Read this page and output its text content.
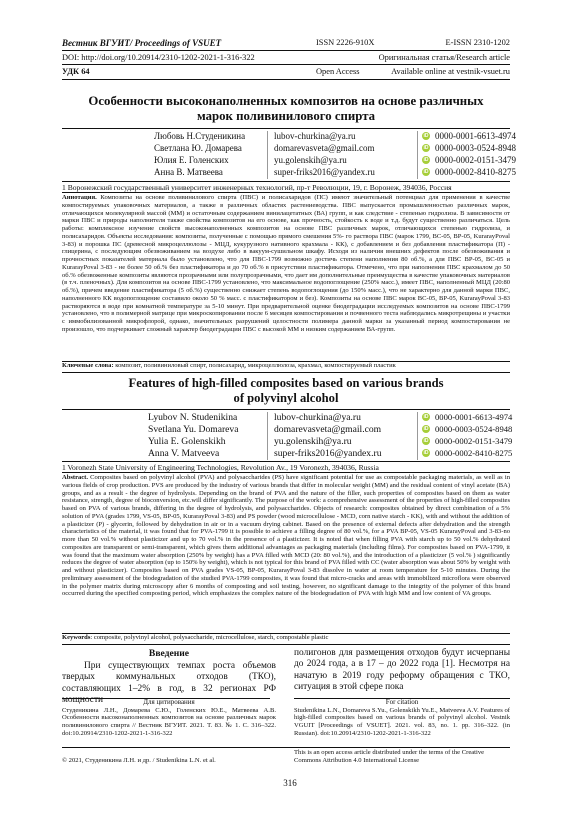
Вестник ВГУИТ/ Proceedings of VSUET	ISSN 2226-910X	E-ISSN 2310-1202
DOI: http://doi.org/10.20914/2310-1202-2021-1-316-322	Оригинальная статья/Research article
УДК 64	Open Access	Available online at vestnik-vsuet.ru
Особенности высоконаполненных композитов на основе различных
марок поливинилового спирта
Любовь Н.Студеникина	lubov-churkina@ya.ru	iD 0000-0001-6613-4974
Светлана Ю. Домарева	domarevasveta@gmail.com	iD 0000-0003-0524-8948
Юлия Е. Голенских	yu.golenskih@ya.ru	iD 0000-0002-0151-3479
Анна В. Матвеева	super-friks2016@yandex.ru	iD 0000-0002-8410-8275
1 Воронежский государственный университет инженерных технологий, пр-т Революции, 19, г. Воронеж, 394036, Россия
Аннотация. Композиты на основе поливинилового спирта (ПВС) и полисахаридов (ПС) имеют значительный потенциал для применения в качестве компостируемых упаковочных материалов, а также в различных областях растениеводства. ПВС выпускается промышленностью различных марок, отличающихся молекулярной массой (ММ) и остаточным содержанием винилацетатных (ВА) групп, и как следствие - степенью гидролиза. В зависимости от марки ПВС и природы наполнителя также свойства композитов на его основе, как прочность, стойкость к воде и т.д. будут существенно различаться. Цель работы: комплексное изучение свойств высоконаполненных композитов на основе ПВС различных марок, отличающихся степенью гидролиза, и полисахаридов. Объекты исследования: композиты, полученные с помощью прямого смешения 5%- го раствора ПВС (марок 1799, ВС-05, ВР-05, KurarayPoval 3-83) и порошка ПС (древесной микроцеллюлозы - МЦД, кукурузного нативного крахмала - КК), с добавлением и без добавления пластификатора (П) - глицерина, с последующим обезвоживанием на воздухе либо в вакуум-сушильном шкафу. Исходя из наличия внешних дефектов после обезвоживания и прочностных показателей материала было установлено, что для ПВС-1799 возможно достичь степени наполнения 80 об.%, а для ПВС ВР-05, ВС-05 и KurarayPoval 3-83 - не более 50 об.% без пластификатора и до 70 об.% в присутствии пластификатора. Отмечено, что при наполнении ПВС крахмалом до 50 об.% обезвоженные композиты являются прозрачными или полупрозрачными, что дает им дополнительные преимущества в качестве упаковочных материалов (в т.ч. пленочных). Для композитов на основе ПВС-1799 установлено, что максимальное водопоглощение (250% масс.), имеет ПВС, наполненный МЦД (20:80 об.%), причем введение пластификатора (5 об.%) существенно снижает степень водопоглощения (до 150% масс.), что не характерно для данной марки ПВС, наполненного КК водопоглощение составило около 50 % масс. с пластификатором и без). Композиты на основе ПВС марок ВС-05, ВР-05, KurarayPoval 3-83 растворяются в воде при комнатной температуре за 5-10 минут. При предварительной оценке биодеградации исследуемых композитов на основе ПВС-1799 установлено, что в полимерной матрице при микроскопировании после 6 месяцев компостирования и почвенного теста наблюдались микротрещины и участки с иммобилизованной микрофлорой, однако, значительных разрушений целостности полимера данной марки за указанный период компостирования не произошло, что подчеркивает сложный характер биодеградации ПВС с высокой ММ и низким содержанием ВА-групп.
Ключевые слова: композит, поливиниловый спирт, полисахарид, микроцеллюлоза, крахмал, компостируемый пластик
Features of high-filled composites based on various brands
of polyvinyl alcohol
Lyubov N. Studenikina	lubov-churkina@ya.ru	iD 0000-0001-6613-4974
Svetlana Yu. Domareva	domarevasveta@gmail.com	iD 0000-0003-0524-8948
Yulia E. Golenskikh	yu.golenskih@ya.ru	iD 0000-0002-0151-3479
Anna V. Matveeva	super-friks2016@yandex.ru	iD 0000-0002-8410-8275
1 Voronezh State University of Engineering Technologies, Revolution Av., 19 Voronezh, 394036, Russia
Abstract. Composites based on polyvinyl alcohol (PVA) and polysaccharides (PS) have significant potential for use as compostable packaging materials, as well as in various fields of crop production. PVS are produced by the industry of various brands that differ in molecular weight (MM) and the residual content of vinyl acetate (BA) groups, and as a result - the degree of hydrolysis. Depending on the brand of PVA and the nature of the filler, such properties of composites based on them as water resistance, strength, degree of bioconversion, etc.will differ significantly. The purpose of the work: a comprehensive assessment of the properties of high-filled composites based on PVA of various brands, differing in the degree of hydrolysis, and polysaccharides. Objects of research: composites obtained by direct combination of a 5% solution of PVA (grades 1799, VS-05, BP-05, KurarayPoval 3-83) and PS powder (wood microcellulose - MCD, corn native starch - KK), with and without the addition of a plasticizer (P) - glycerin, followed by dehydration in air or in a vacuum drying cabinet. Based on the presence of external defects after dehydration and the strength characteristics of the material, it was found that for PVA-1799 it is possible to achieve a filling degree of 80 vol.%, for a PVA BP-05, VS-05 KurarayPoval and 3-83-no more than 50 vol.% without plasticizer and up to 70 vol.% in the presence of a plasticizer. It is noted that when filling PVA with starch up to 50 vol.% dehydrated composites are transparent or semi-transparent, which gives them additional advantages as packaging materials (including films). For composites based on PVA-1799, it was found that the maximum water absorption (250% by weight) has a PVA filled with MCD (20: 80 vol.%), and the introduction of a plasticizer (5 vol.% ) significantly reduces the degree of water absorption (up to 150% by weight), which is not typical for this brand of PVA filled with CC (water absorption was about 50% by weight with and without plasticizer). Composites based on PVA grades VS-05, BP-05, KurarayPoval 3-83 dissolve in water at room temperature for 5-10 minutes. During the preliminary assessment of the biodegradation of the studied PVA-1799 composites, it was found that micro-cracks and areas with immobilized microflora were observed in the polymer matrix during microscopy after 6 months of composting and soil testing, however, no significant damage to the integrity of the polymer of this brand occurred during the specified composting period, which emphasizes the complex nature of the biodegradation of PVA with high MM and low content of VA groups.
Keywords: composite, polyvinyl alcohol, polysaccharide, microcellulose, starch, compostable plastic
Введение
При существующих темпах роста объемов твердых коммунальных отходов (ТКО), составляющих 1–2% в год, в 32 регионах РФ мощности
полигонов для размещения отходов будут исчерпаны до 2024 года, а в 17 – до 2022 года [1]. Несмотря на начатую в 2019 году реформу обращения с ТКО, ситуация в этой сфере пока
Для цитирования
Студеникина Л.Н., Домарева С.Ю., Голенских Ю.Е., Матвеева А.В. Особенности высоконаполненных композитов на основе различных марок поливинилового спирта // Вестник ВГУИТ. 2021. Т. 83. № 1. С. 316–322. doi:10.20914/2310-1202-2021-1-316-322
For citation
Studenikina L.N., Domareva S.Yu., Golenskikh Yu.E., Matveeva A.V. Features of high-filled composites based on various brands of polyvinyl alcohol. Vestnik VGUIT [Proceedings of VSUET]. 2021. vol. 83, no. 1. pp. 316–322. (in Russian). doi:10.20914/2310-1202-2021-1-316-322
© 2021, Студеникина Л.Н. и др. / Studenikina L.N. et al.
This is an open access article distributed under the terms of the Creative Commons Attribution 4.0 International License
316
